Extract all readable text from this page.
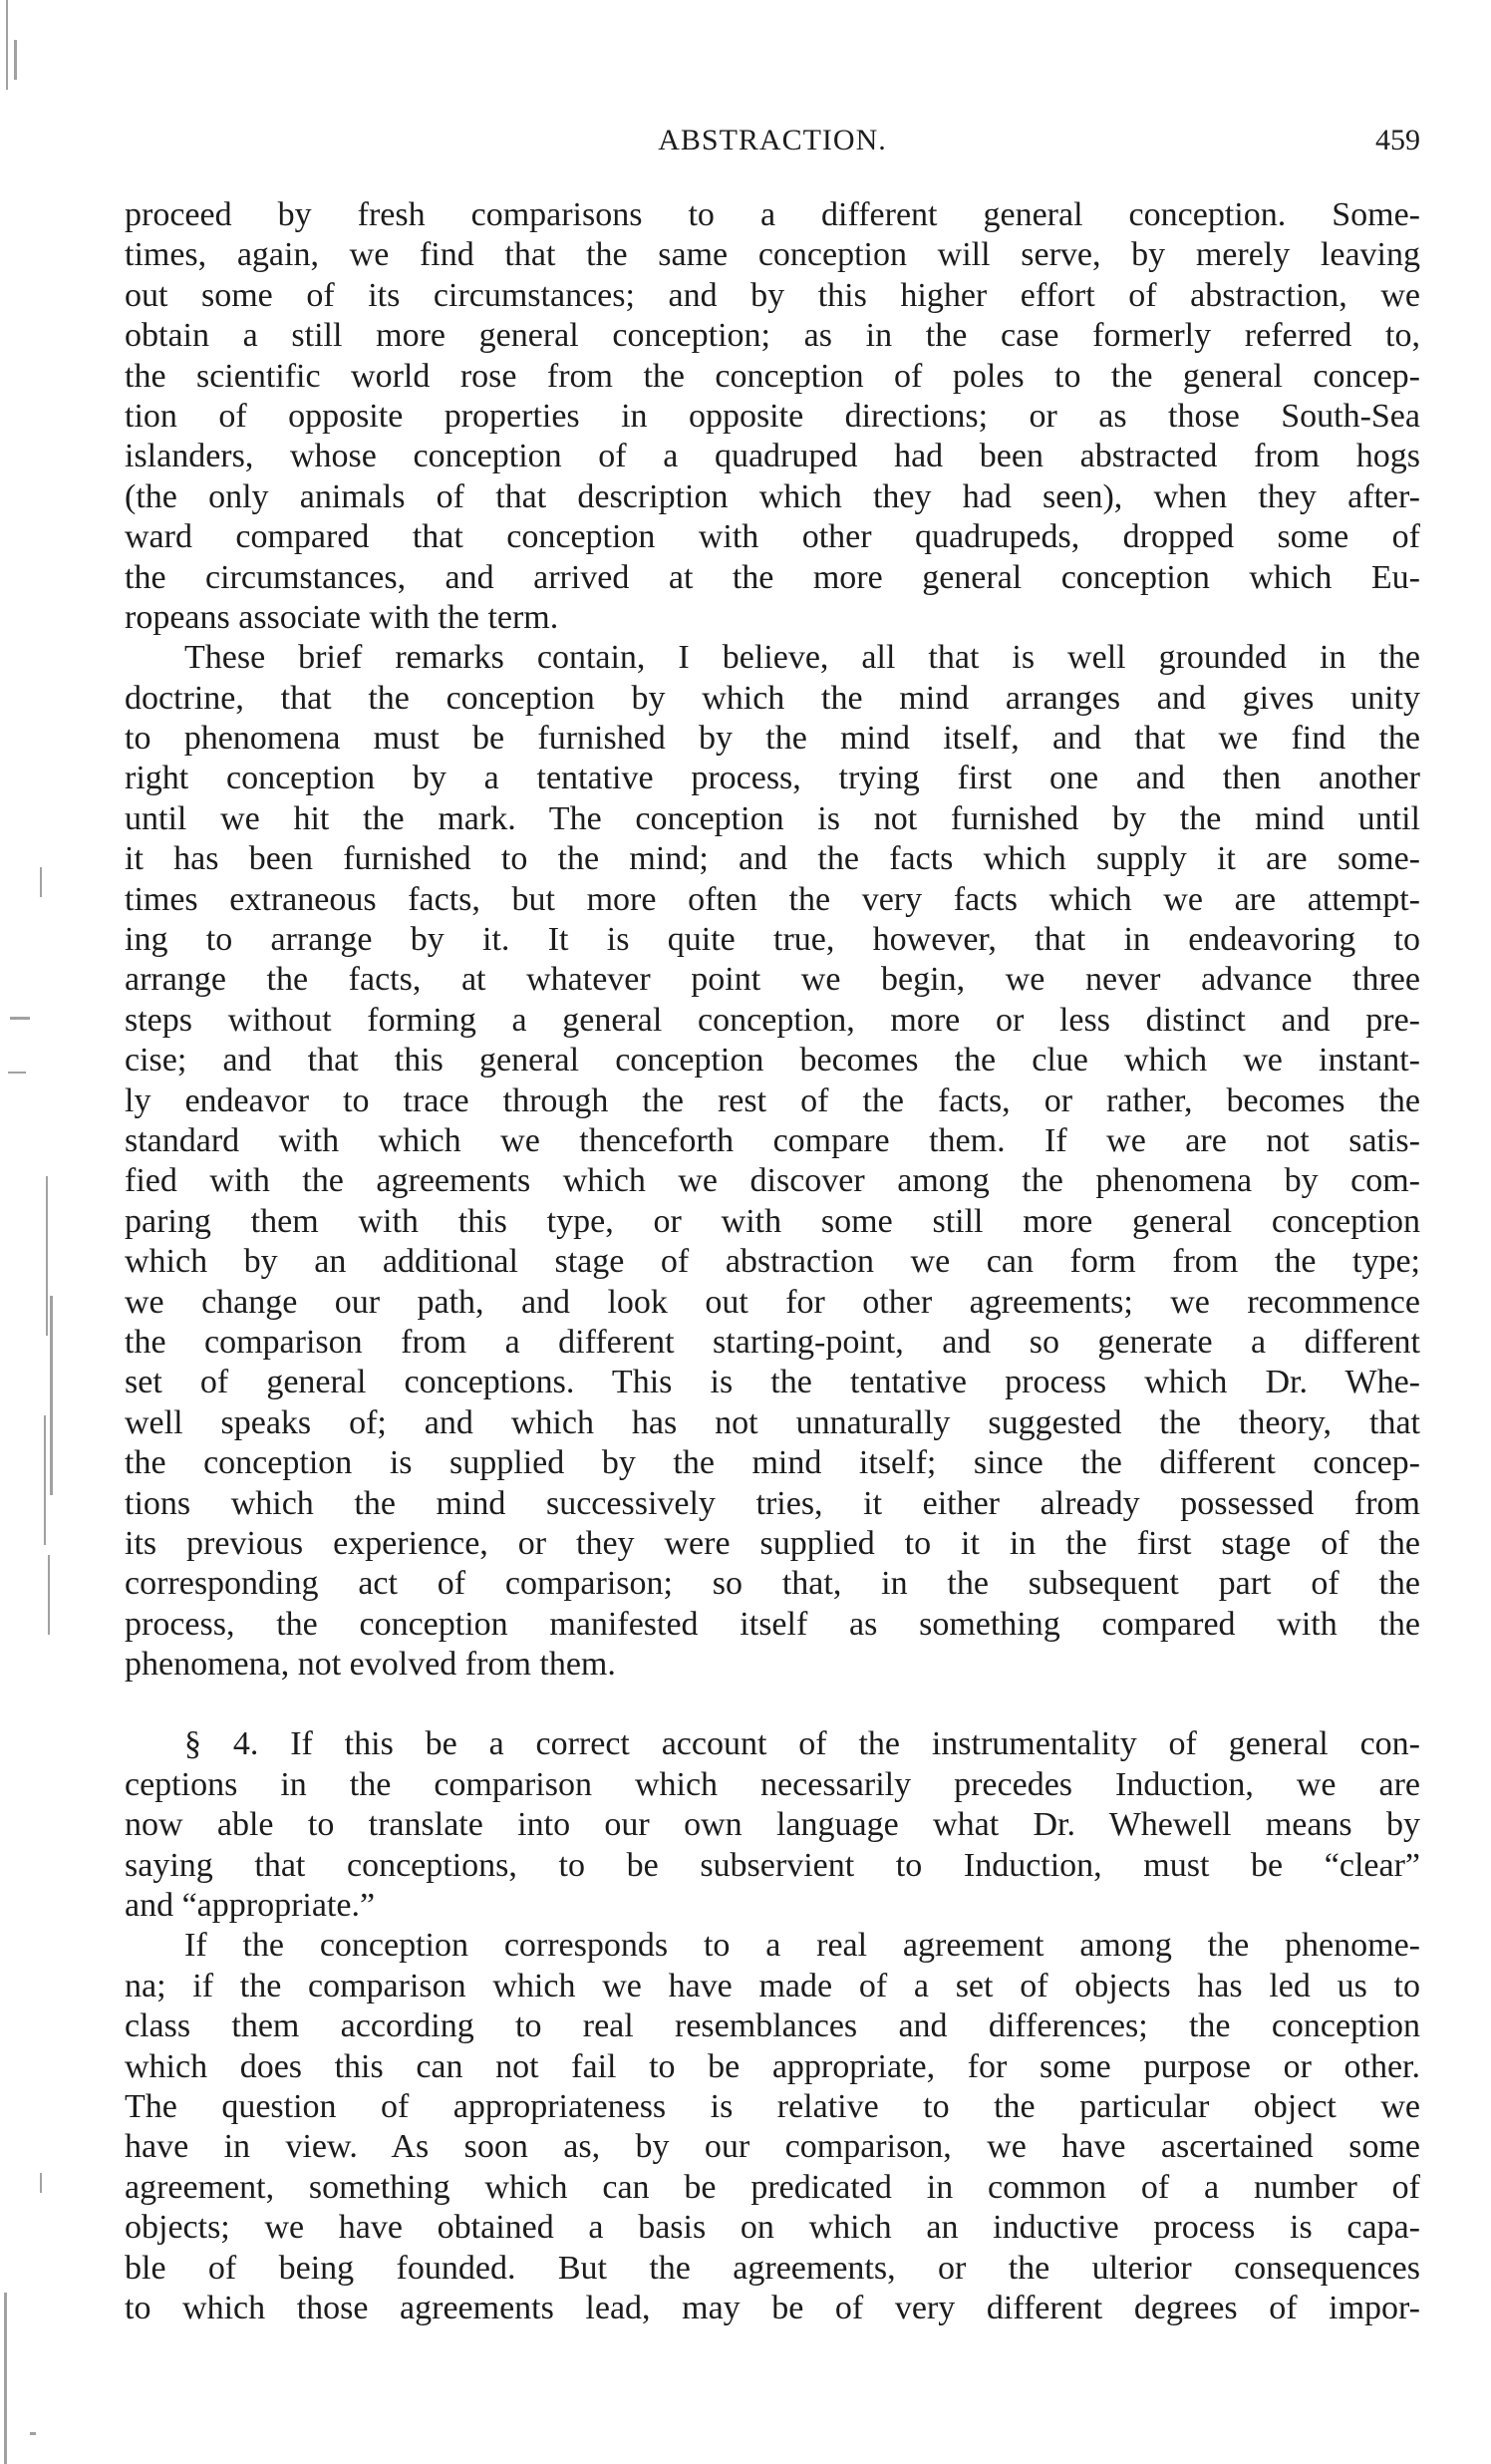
ABSTRACTION.	459
proceed by fresh comparisons to a different general conception. Some-
times, again, we find that the same conception will serve, by merely leaving
out some of its circumstances; and by this higher effort of abstraction, we
obtain a still more general conception; as in the case formerly referred to,
the scientific world rose from the conception of poles to the general concep-
tion of opposite properties in opposite directions; or as those South-Sea
islanders, whose conception of a quadruped had been abstracted from hogs
(the only animals of that description which they had seen), when they after-
ward compared that conception with other quadrupeds, dropped some of
the circumstances, and arrived at the more general conception which Eu-
ropeans associate with the term.
These brief remarks contain, I believe, all that is well grounded in the
doctrine, that the conception by which the mind arranges and gives unity
to phenomena must be furnished by the mind itself, and that we find the
right conception by a tentative process, trying first one and then another
until we hit the mark. The conception is not furnished by the mind until
it has been furnished to the mind; and the facts which supply it are some-
times extraneous facts, but more often the very facts which we are attempt-
ing to arrange by it. It is quite true, however, that in endeavoring to
arrange the facts, at whatever point we begin, we never advance three
steps without forming a general conception, more or less distinct and pre-
cise; and that this general conception becomes the clue which we instant-
ly endeavor to trace through the rest of the facts, or rather, becomes the
standard with which we thenceforth compare them. If we are not satis-
fied with the agreements which we discover among the phenomena by com-
paring them with this type, or with some still more general conception
which by an additional stage of abstraction we can form from the type;
we change our path, and look out for other agreements; we recommence
the comparison from a different starting-point, and so generate a different
set of general conceptions. This is the tentative process which Dr. Whe-
well speaks of; and which has not unnaturally suggested the theory, that
the conception is supplied by the mind itself; since the different concep-
tions which the mind successively tries, it either already possessed from
its previous experience, or they were supplied to it in the first stage of the
corresponding act of comparison; so that, in the subsequent part of the
process, the conception manifested itself as something compared with the
phenomena, not evolved from them.
§ 4. If this be a correct account of the instrumentality of general con-
ceptions in the comparison which necessarily precedes Induction, we are
now able to translate into our own language what Dr. Whewell means by
saying that conceptions, to be subservient to Induction, must be “clear”
and “appropriate.”
If the conception corresponds to a real agreement among the phenome-
na; if the comparison which we have made of a set of objects has led us to
class them according to real resemblances and differences; the conception
which does this can not fail to be appropriate, for some purpose or other.
The question of appropriateness is relative to the particular object we
have in view. As soon as, by our comparison, we have ascertained some
agreement, something which can be predicated in common of a number of
objects; we have obtained a basis on which an inductive process is capa-
ble of being founded. But the agreements, or the ulterior consequences
to which those agreements lead, may be of very different degrees of impor-
